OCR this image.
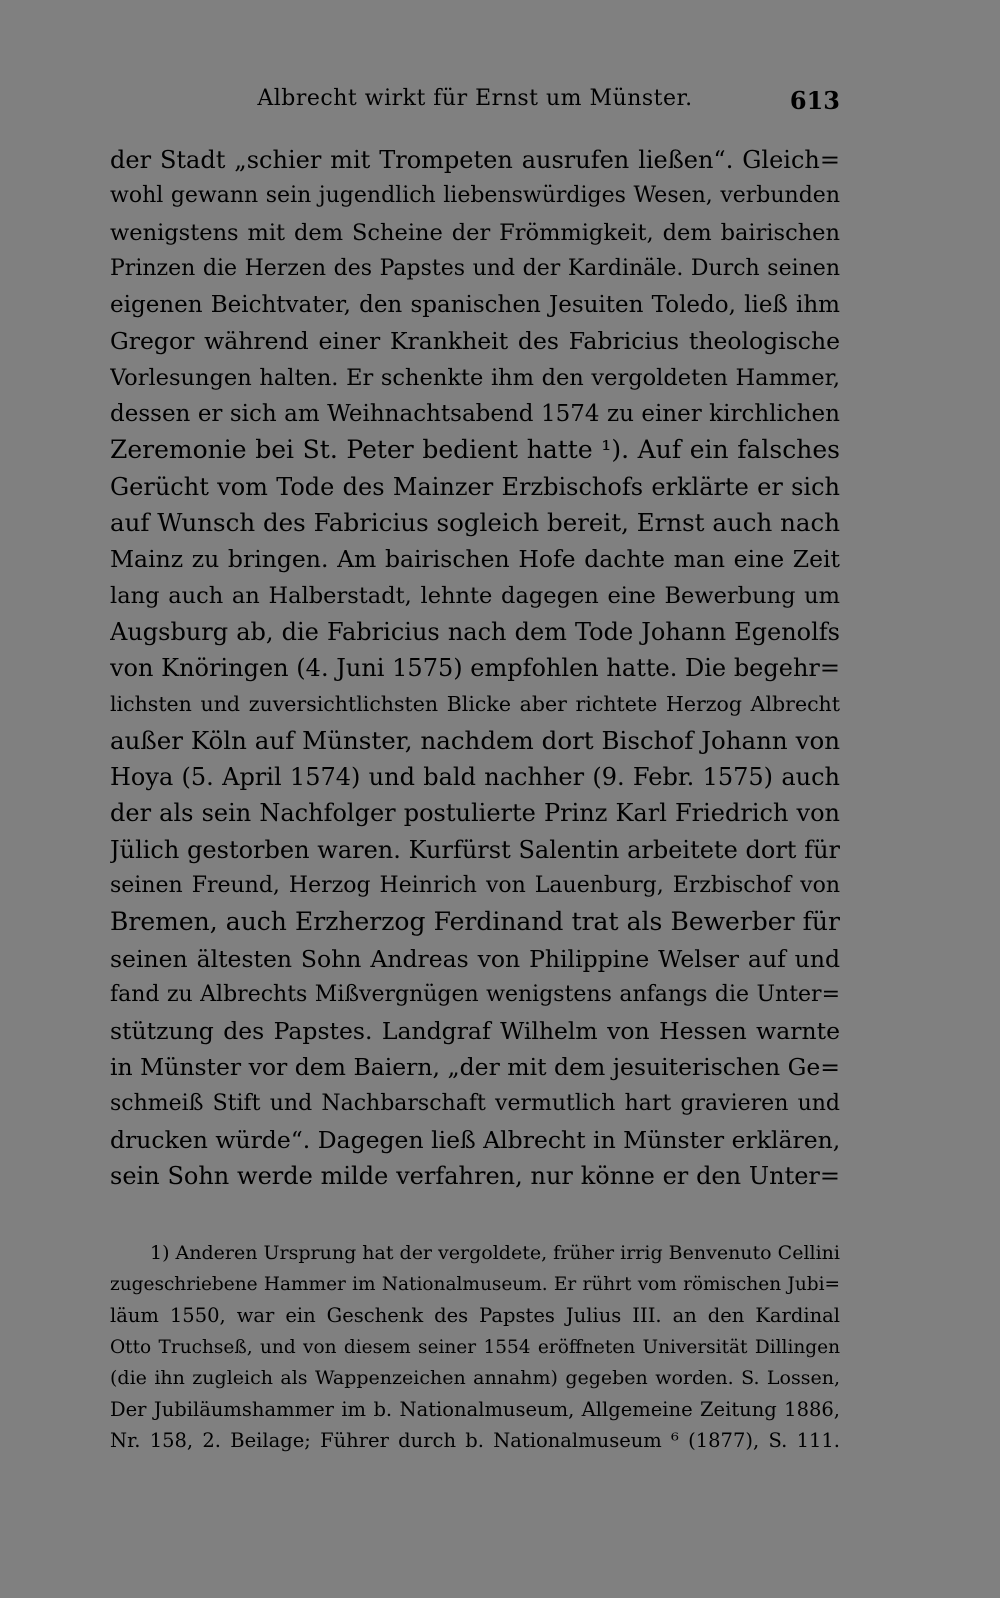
Albrecht wirkt für Ernst um Münster.	613
der Stadt „schier mit Trompeten ausrufen ließen“. Gleich=
wohl gewann sein jugendlich liebenswürdiges Wesen, verbunden
wenigstens mit dem Scheine der Frömmigkeit, dem bairischen
Prinzen die Herzen des Papstes und der Kardinäle. Durch seinen
eigenen Beichtvater, den spanischen Jesuiten Toledo, ließ ihm
Gregor während einer Krankheit des Fabricius theologische
Vorlesungen halten. Er schenkte ihm den vergoldeten Hammer,
dessen er sich am Weihnachtsabend 1574 zu einer kirchlichen
Zeremonie bei St. Peter bedient hatte ¹). Auf ein falsches
Gerücht vom Tode des Mainzer Erzbischofs erklärte er sich
auf Wunsch des Fabricius sogleich bereit, Ernst auch nach
Mainz zu bringen. Am bairischen Hofe dachte man eine Zeit
lang auch an Halberstadt, lehnte dagegen eine Bewerbung um
Augsburg ab, die Fabricius nach dem Tode Johann Egenolfs
von Knöringen (4. Juni 1575) empfohlen hatte. Die begehr=
lichsten und zuversichtlichsten Blicke aber richtete Herzog Albrecht
außer Köln auf Münster, nachdem dort Bischof Johann von
Hoya (5. April 1574) und bald nachher (9. Febr. 1575) auch
der als sein Nachfolger postulierte Prinz Karl Friedrich von
Jülich gestorben waren. Kurfürst Salentin arbeitete dort für
seinen Freund, Herzog Heinrich von Lauenburg, Erzbischof von
Bremen, auch Erzherzog Ferdinand trat als Bewerber für
seinen ältesten Sohn Andreas von Philippine Welser auf und
fand zu Albrechts Mißvergnügen wenigstens anfangs die Unter=
stützung des Papstes. Landgraf Wilhelm von Hessen warnte
in Münster vor dem Baiern, „der mit dem jesuiterischen Ge=
schmeiß Stift und Nachbarschaft vermutlich hart gravieren und
drucken würde“. Dagegen ließ Albrecht in Münster erklären,
sein Sohn werde milde verfahren, nur könne er den Unter=
1) Anderen Ursprung hat der vergoldete, früher irrig Benvenuto Cellini
zugeschriebene Hammer im Nationalmuseum. Er rührt vom römischen Jubi=
läum 1550, war ein Geschenk des Papstes Julius III. an den Kardinal
Otto Truchseß, und von diesem seiner 1554 eröffneten Universität Dillingen
(die ihn zugleich als Wappenzeichen annahm) gegeben worden. S. Lossen,
Der Jubiläumshammer im b. Nationalmuseum, Allgemeine Zeitung 1886,
Nr. 158, 2. Beilage; Führer durch b. Nationalmuseum ⁶ (1877), S. 111.
